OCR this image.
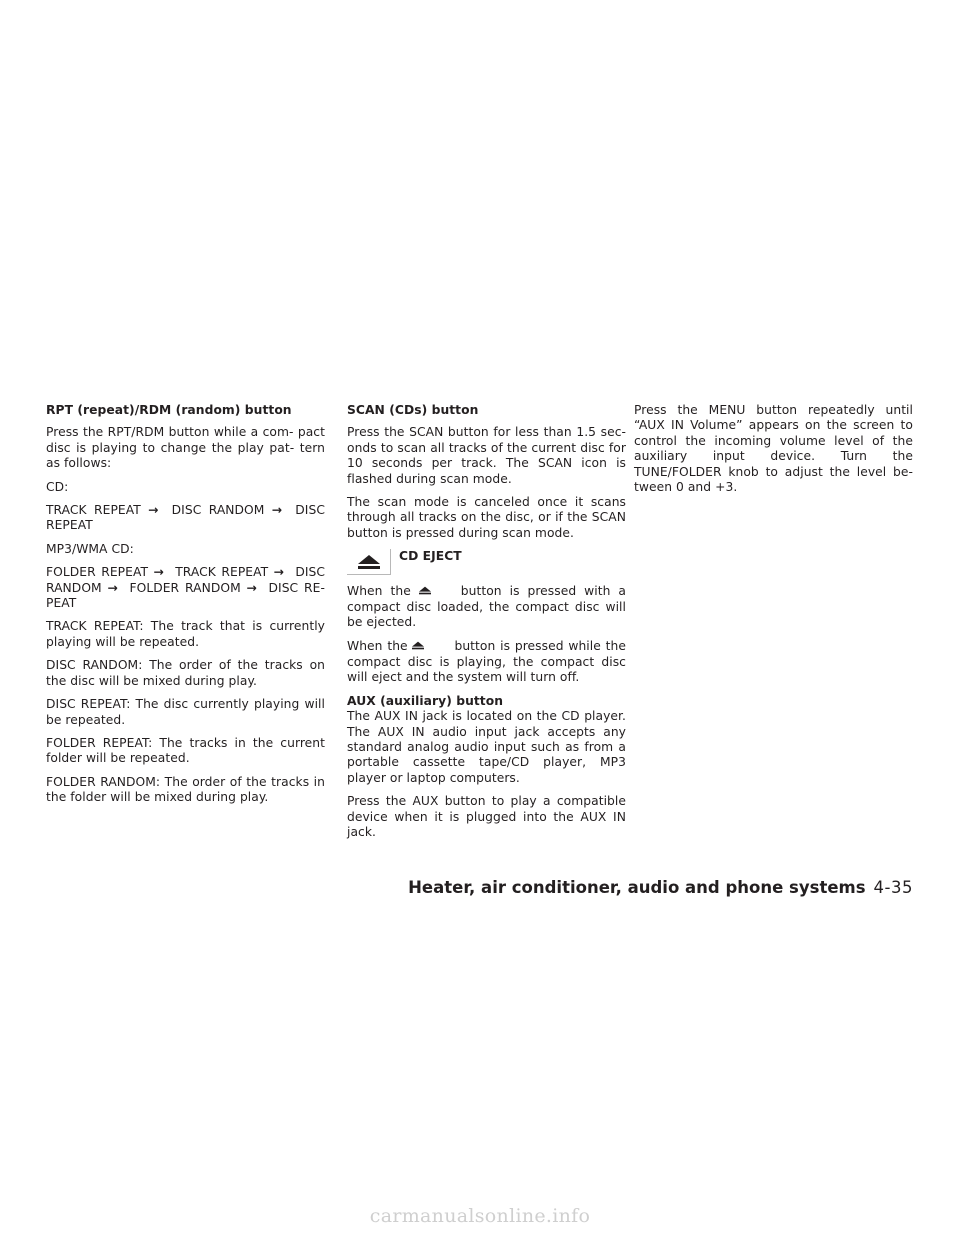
RPT (repeat)/RDM (random) button

Press the RPT/RDM button while a com- pact disc is playing to change the play pat- tern as follows:

CD:

TRACK REPEAT → DISC RANDOM → DISC REPEAT

MP3/WMA CD:

FOLDER REPEAT → TRACK REPEAT → DISC RANDOM → FOLDER RANDOM → DISC RE- PEAT

TRACK REPEAT: The track that is currently playing will be repeated.

DISC RANDOM: The order of the tracks on the disc will be mixed during play.

DISC REPEAT: The disc currently playing will be repeated.

FOLDER REPEAT: The tracks in the current folder will be repeated.

FOLDER RANDOM: The order of the tracks in the folder will be mixed during play.

SCAN (CDs) button

Press the SCAN button for less than 1.5 sec- onds to scan all tracks of the current disc for 10 seconds per track. The SCAN icon is flashed during scan mode.

The scan mode is canceled once it scans through all tracks on the disc, or if the SCAN button is pressed during scan mode.

CD EJECT

When the	button is pressed with a compact disc loaded, the compact disc will be ejected.

When the	button is pressed while the compact disc is playing, the compact disc will eject and the system will turn off.

AUX (auxiliary) button

The AUX IN jack is located on the CD player. The AUX IN audio input jack accepts any standard analog audio input such as from a portable cassette tape/CD player, MP3 player or laptop computers.

Press the AUX button to play a compatible device when it is plugged into the AUX IN jack.

Press the MENU button repeatedly until “AUX IN Volume” appears on the screen to control the incoming volume level of the auxiliary input device. Turn the TUNE/FOLDER knob to adjust the level be- tween 0 and +3.

Heater, air conditioner, audio and phone systems 4-35
carmanualsonline.info
